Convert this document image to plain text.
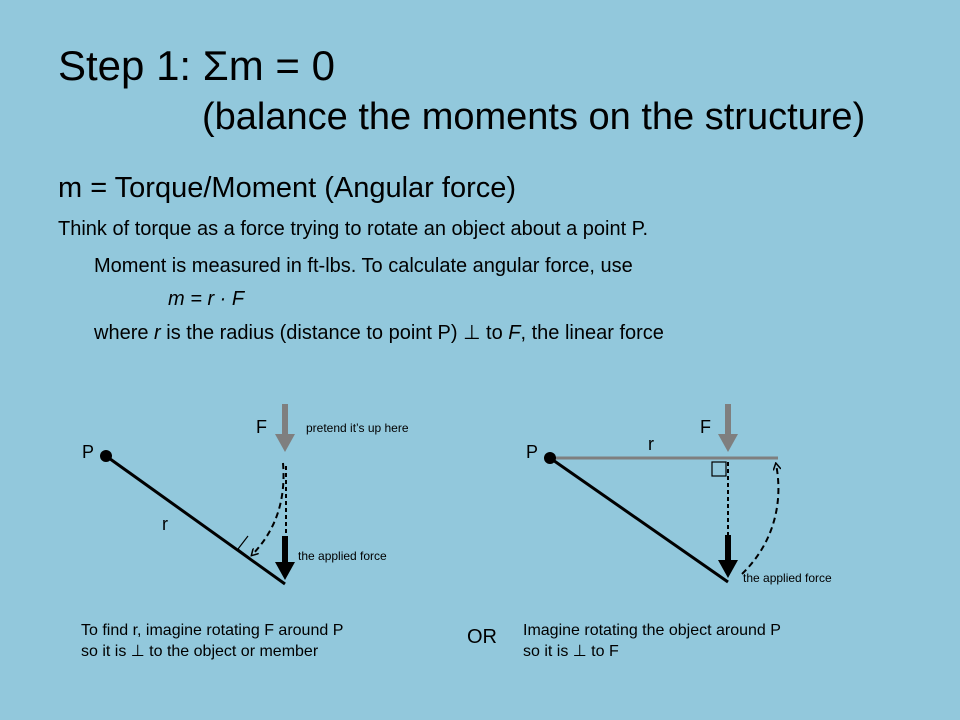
Step 1: Σm = 0
(balance the moments on the structure)
m = Torque/Moment (Angular force)
Think of torque as a force trying to rotate an object about a point P.
Moment is measured in ft-lbs. To calculate angular force, use
m = r · F
where r is the radius (distance to point P) ⊥ to F, the linear force
P
r
F	pretend it’s up here
the applied force
P	r
F
the applied force
To find r, imagine rotating F around P
so it is ⊥ to the object or member
OR Imagine rotating the object around P
so it is ⊥ to F
